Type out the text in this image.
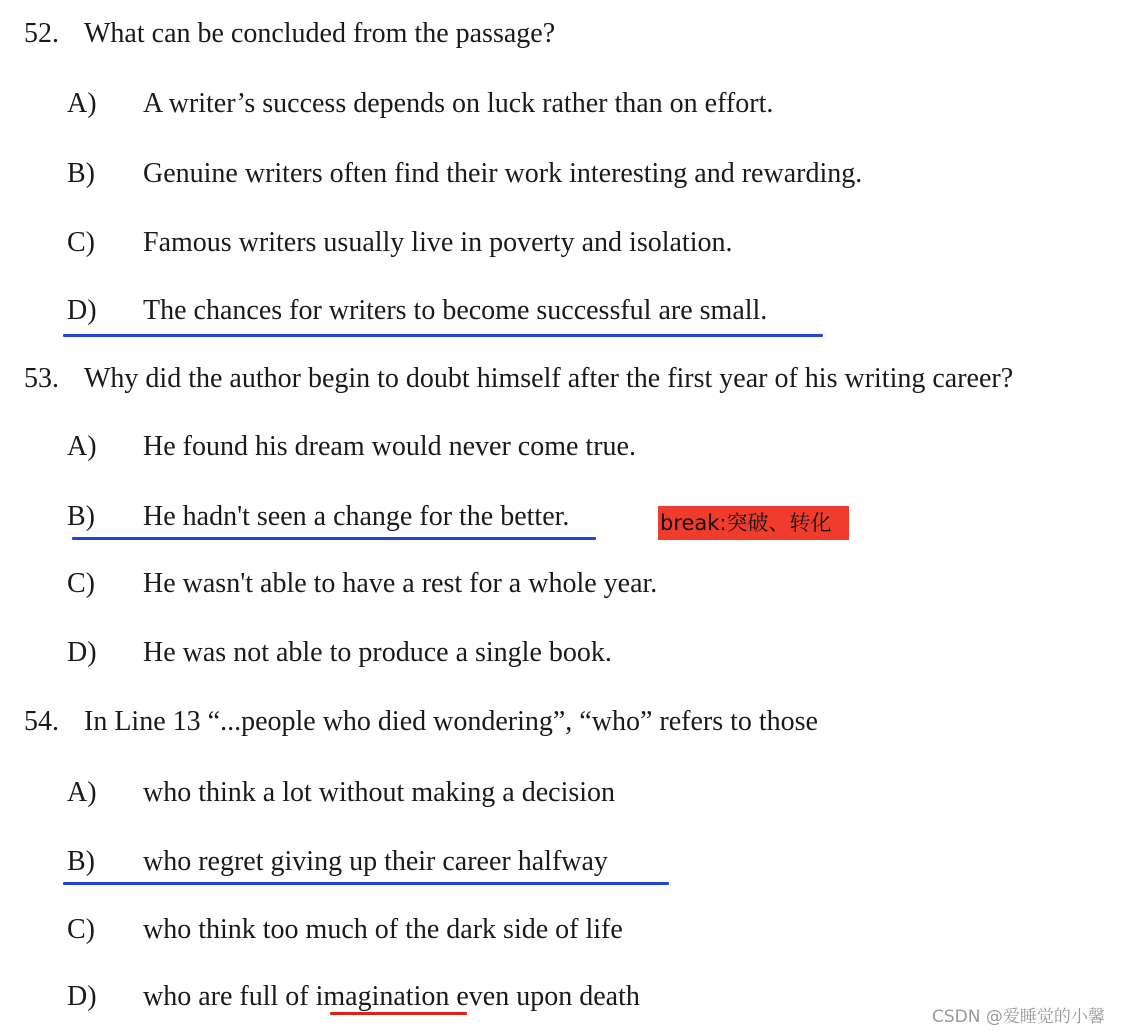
52. What can be concluded from the passage?
A) A writer’s success depends on luck rather than on effort.
B) Genuine writers often find their work interesting and rewarding.
C) Famous writers usually live in poverty and isolation.
D) The chances for writers to become successful are small.
53. Why did the author begin to doubt himself after the first year of his writing career?
A) He found his dream would never come true.
B) He hadn't seen a change for the better.	break:突破、转化
C) He wasn't able to have a rest for a whole year.
D) He was not able to produce a single book.
54. In Line 13 “...people who died wondering”, “who” refers to those
A) who think a lot without making a decision
B) who regret giving up their career halfway
C) who think too much of the dark side of life
D) who are full of imagination even upon death
CSDN @爱睡觉的小馨
